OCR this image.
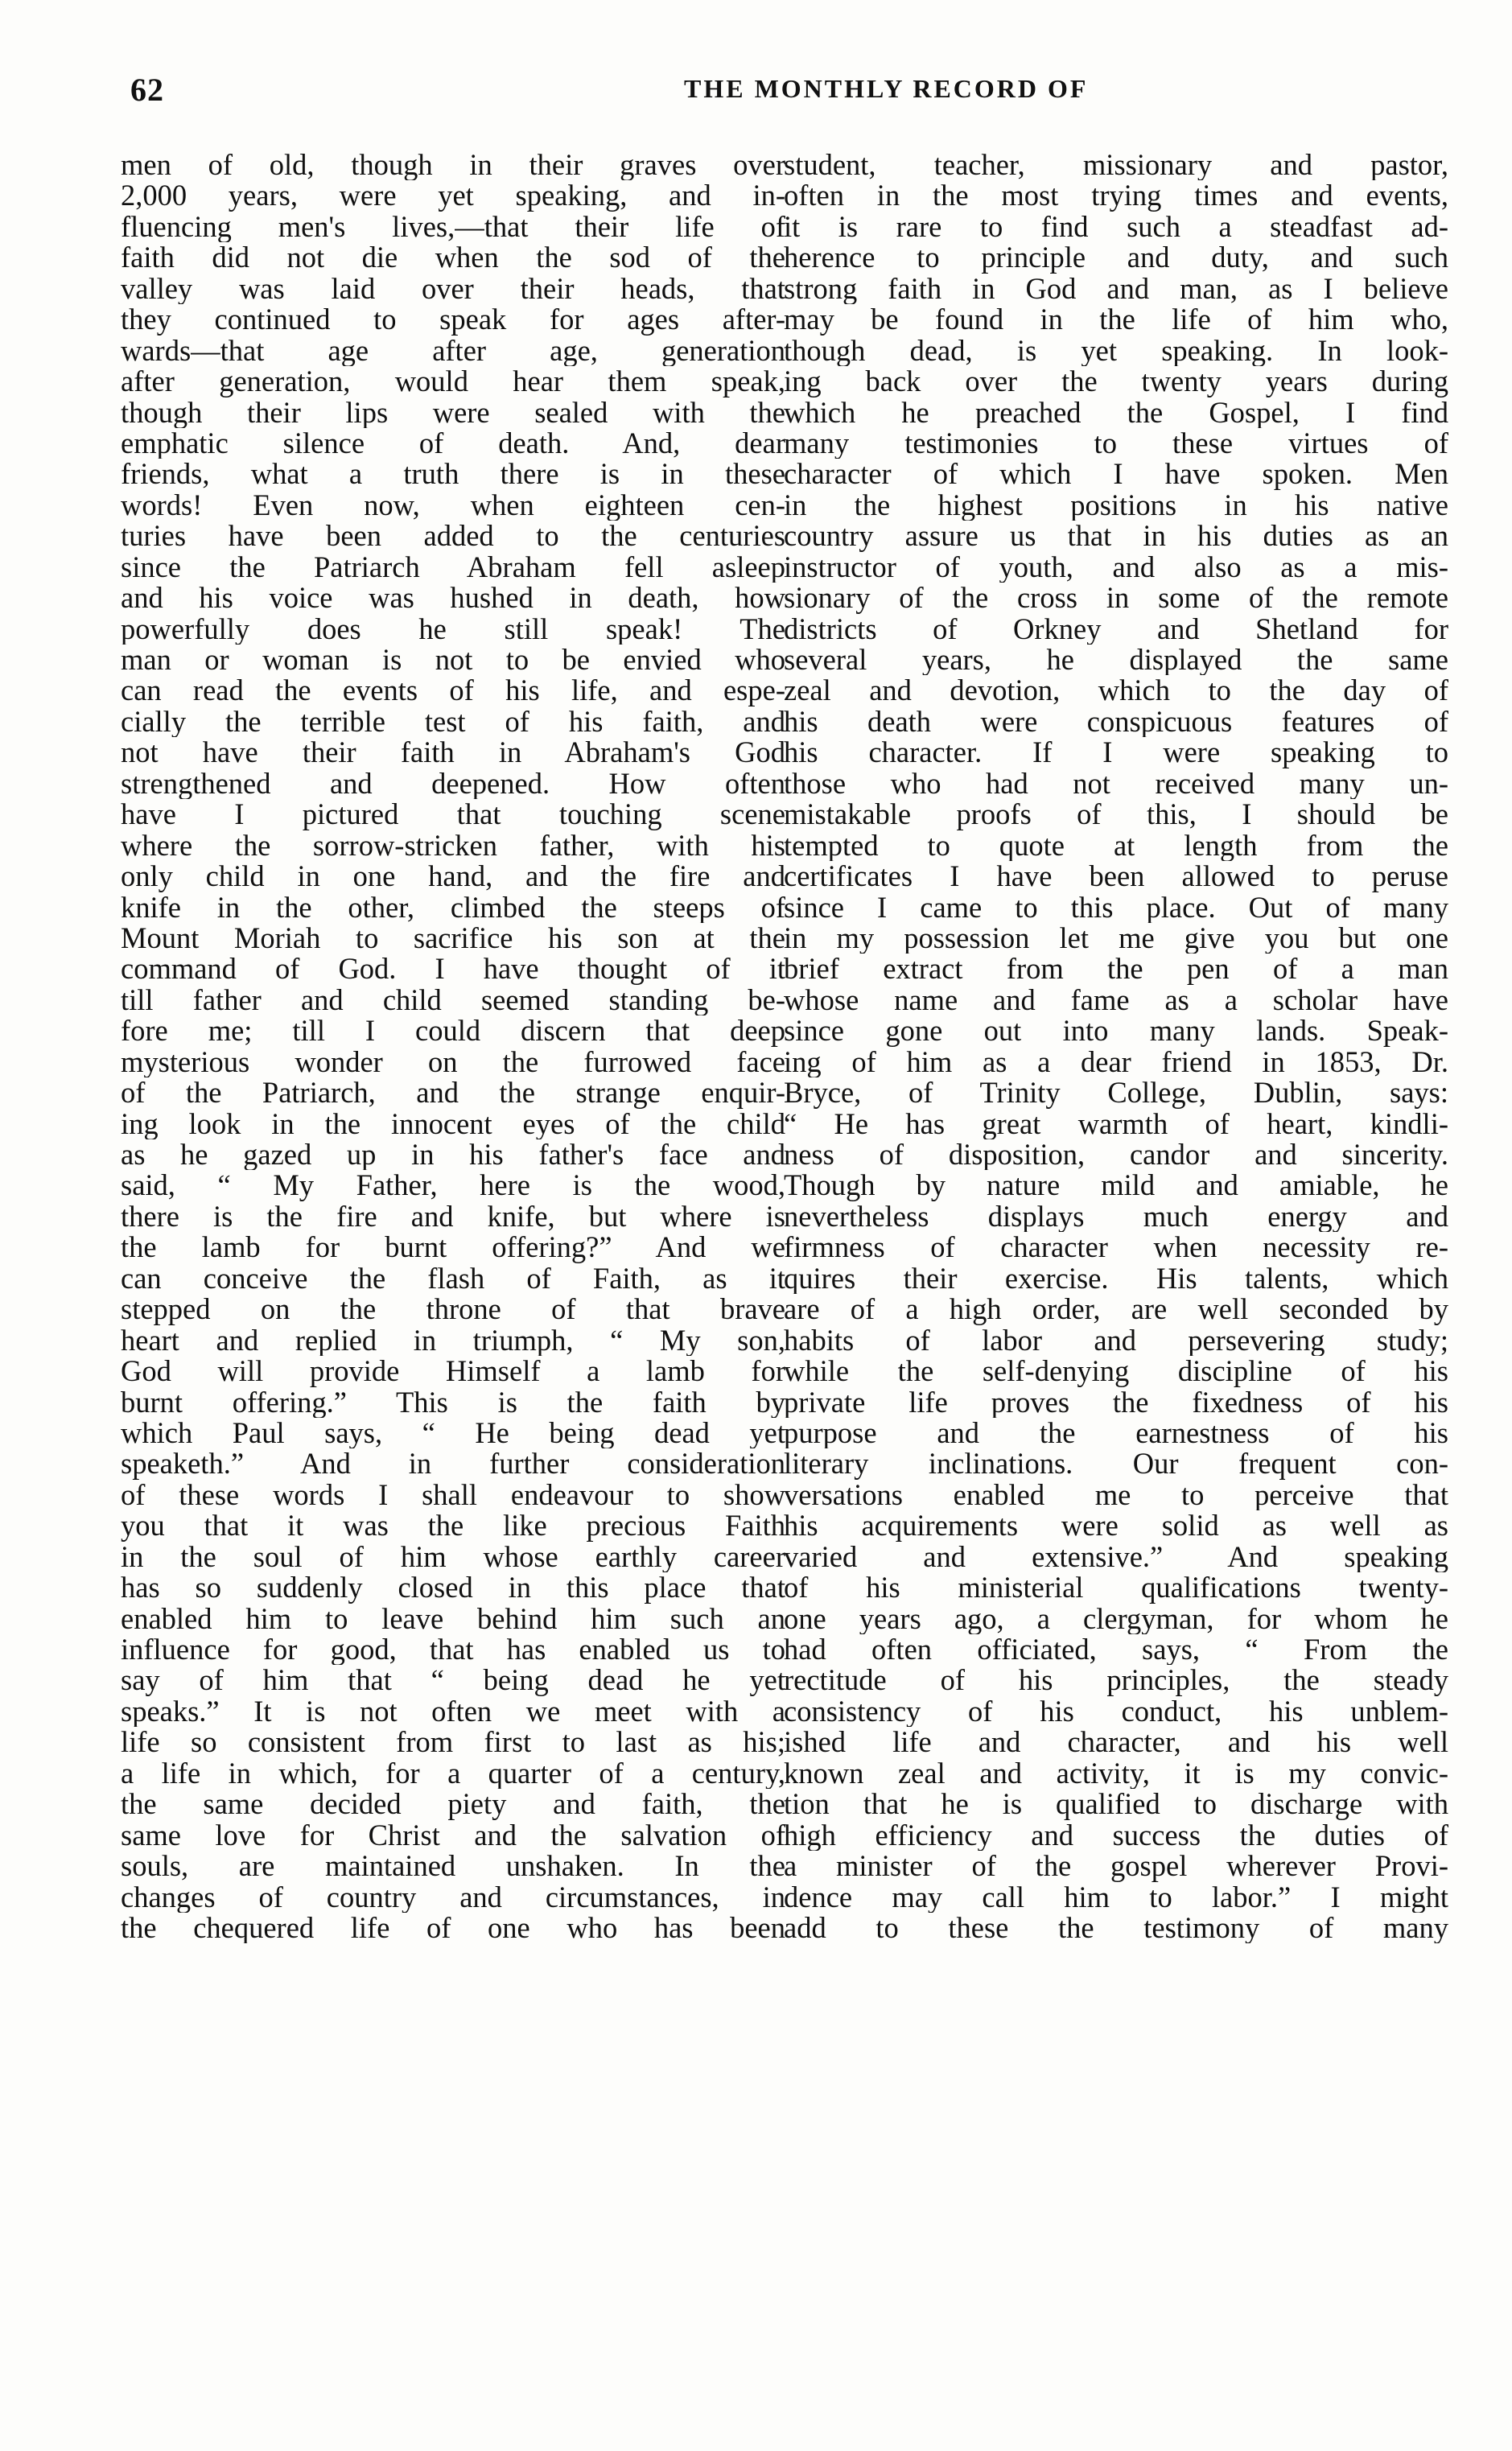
62	THE MONTHLY RECORD OF
men of old, though in their graves over
2,000 years, were yet speaking, and in-
fluencing men's lives,—that their life of
faith did not die when the sod of the
valley was laid over their heads, that
they continued to speak for ages after-
wards—that age after age, generation
after generation, would hear them speak,
though their lips were sealed with the
emphatic silence of death. And, dear
friends, what a truth there is in these
words! Even now, when eighteen cen-
turies have been added to the centuries
since the Patriarch Abraham fell asleep
and his voice was hushed in death, how
powerfully does he still speak! The
man or woman is not to be envied who
can read the events of his life, and espe-
cially the terrible test of his faith, and
not have their faith in Abraham's God
strengthened and deepened. How often
have I pictured that touching scene
where the sorrow-stricken father, with his
only child in one hand, and the fire and
knife in the other, climbed the steeps of
Mount Moriah to sacrifice his son at the
command of God. I have thought of it
till father and child seemed standing be-
fore me; till I could discern that deep
mysterious wonder on the furrowed face
of the Patriarch, and the strange enquir-
ing look in the innocent eyes of the child
as he gazed up in his father's face and
said, “ My Father, here is the wood,
there is the fire and knife, but where is
the lamb for burnt offering?” And we
can conceive the flash of Faith, as it
stepped on the throne of that brave
heart and replied in triumph, “ My son,
God will provide Himself a lamb for
burnt offering.” This is the faith by
which Paul says, “ He being dead yet
speaketh.” And in further consideration
of these words I shall endeavour to show
you that it was the like precious Faith
in the soul of him whose earthly career
has so suddenly closed in this place that
enabled him to leave behind him such an
influence for good, that has enabled us to
say of him that “ being dead he yet
speaks.” It is not often we meet with a
life so consistent from first to last as his;
a life in which, for a quarter of a century,
the same decided piety and faith, the
same love for Christ and the salvation of
souls, are maintained unshaken. In the
changes of country and circumstances, in
the chequered life of one who has been
student, teacher, missionary and pastor,
often in the most trying times and events,
it is rare to find such a steadfast ad-
herence to principle and duty, and such
strong faith in God and man, as I believe
may be found in the life of him who,
though dead, is yet speaking. In look-
ing back over the twenty years during
which he preached the Gospel, I find
many testimonies to these virtues of
character of which I have spoken. Men
in the highest positions in his native
country assure us that in his duties as an
instructor of youth, and also as a mis-
sionary of the cross in some of the remote
districts of Orkney and Shetland for
several years, he displayed the same
zeal and devotion, which to the day of
his death were conspicuous features of
his character. If I were speaking to
those who had not received many un-
mistakable proofs of this, I should be
tempted to quote at length from the
certificates I have been allowed to peruse
since I came to this place. Out of many
in my possession let me give you but one
brief extract from the pen of a man
whose name and fame as a scholar have
since gone out into many lands. Speak-
ing of him as a dear friend in 1853, Dr.
Bryce, of Trinity College, Dublin, says:
“ He has great warmth of heart, kindli-
ness of disposition, candor and sincerity.
Though by nature mild and amiable, he
nevertheless displays much energy and
firmness of character when necessity re-
quires their exercise. His talents, which
are of a high order, are well seconded by
habits of labor and persevering study;
while the self-denying discipline of his
private life proves the fixedness of his
purpose and the earnestness of his
literary inclinations. Our frequent con-
versations enabled me to perceive that
his acquirements were solid as well as
varied and extensive.” And speaking
of his ministerial qualifications twenty-
one years ago, a clergyman, for whom he
had often officiated, says, “ From the
rectitude of his principles, the steady
consistency of his conduct, his unblem-
ished life and character, and his well
known zeal and activity, it is my convic-
tion that he is qualified to discharge with
high efficiency and success the duties of
a minister of the gospel wherever Provi-
dence may call him to labor.” I might
add to these the testimony of many
